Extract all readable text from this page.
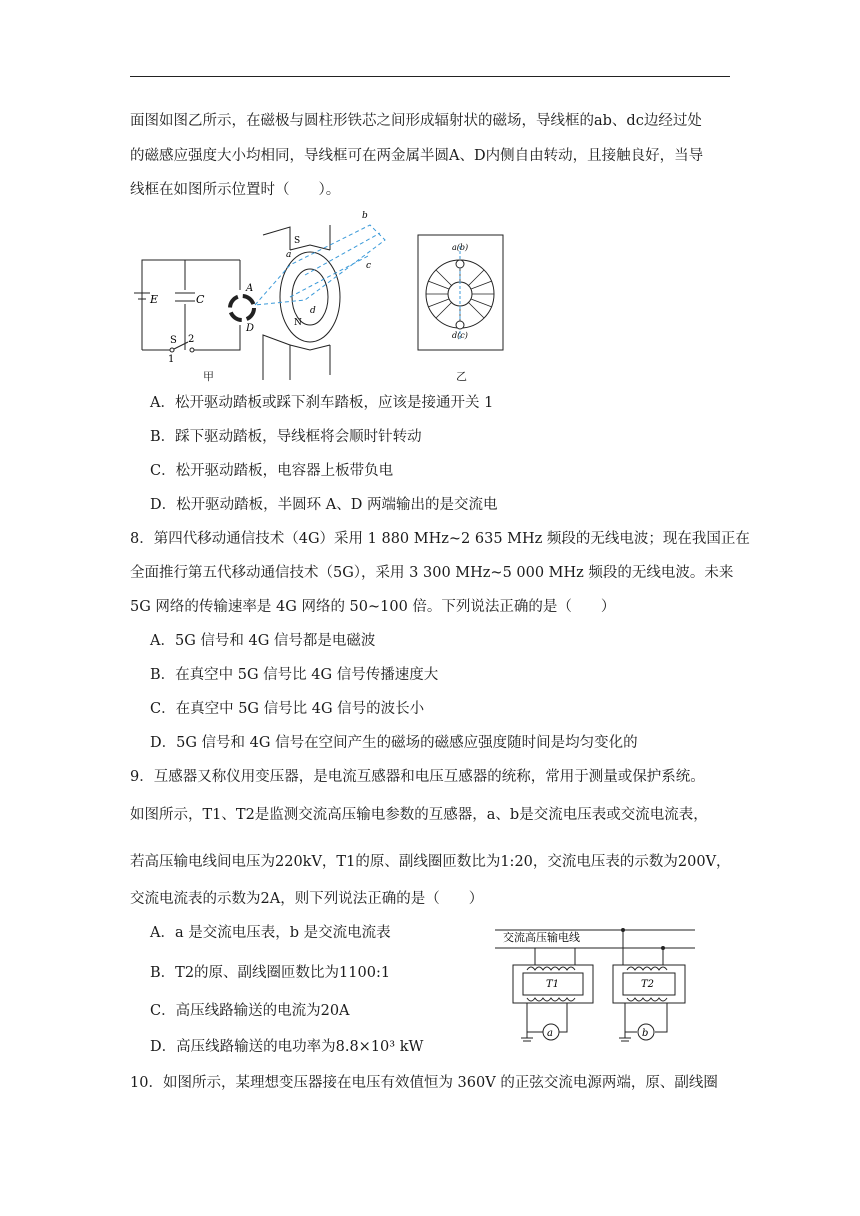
面图如图乙所示，在磁极与圆柱形铁芯之间形成辐射状的磁场，导线框的ab、dc边经过处
的磁感应强度大小均相同，导线框可在两金属半圆A、D内侧自由转动，且接触良好，当导
线框在如图所示位置时（　　）。
E	C
S
1
2
A
D
S
N
a
b
d
c
甲
a(b)
d(c)
乙
A．松开驱动踏板或踩下刹车踏板，应该是接通开关 1
B．踩下驱动踏板，导线框将会顺时针转动
C．松开驱动踏板，电容器上板带负电
D．松开驱动踏板，半圆环 A、D 两端输出的是交流电
8．第四代移动通信技术（4G）采用 1 880 MHz~2 635 MHz 频段的无线电波；现在我国正在
全面推行第五代移动通信技术（5G），采用 3 300 MHz~5 000 MHz 频段的无线电波。未来
5G 网络的传输速率是 4G 网络的 50~100 倍。下列说法正确的是（　　）
A．5G 信号和 4G 信号都是电磁波
B．在真空中 5G 信号比 4G 信号传播速度大
C．在真空中 5G 信号比 4G 信号的波长小
D．5G 信号和 4G 信号在空间产生的磁场的磁感应强度随时间是均匀变化的
9．互感器又称仪用变压器，是电流互感器和电压互感器的统称，常用于测量或保护系统。
如图所示，T1、T2是监测交流高压输电参数的互感器，a、b是交流电压表或交流电流表，
若高压输电线间电压为220kV，T1的原、副线圈匝数比为1:20，交流电压表的示数为200V，
交流电流表的示数为2A，则下列说法正确的是（　　）
A．a 是交流电压表，b 是交流电流表
B．T2的原、副线圈匝数比为1100:1
C．高压线路输送的电流为20A
D．高压线路输送的电功率为8.8×10³ kW
交流高压输电线
T1	T2
a	b
10．如图所示，某理想变压器接在电压有效值恒为 360V 的正弦交流电源两端，原、副线圈
